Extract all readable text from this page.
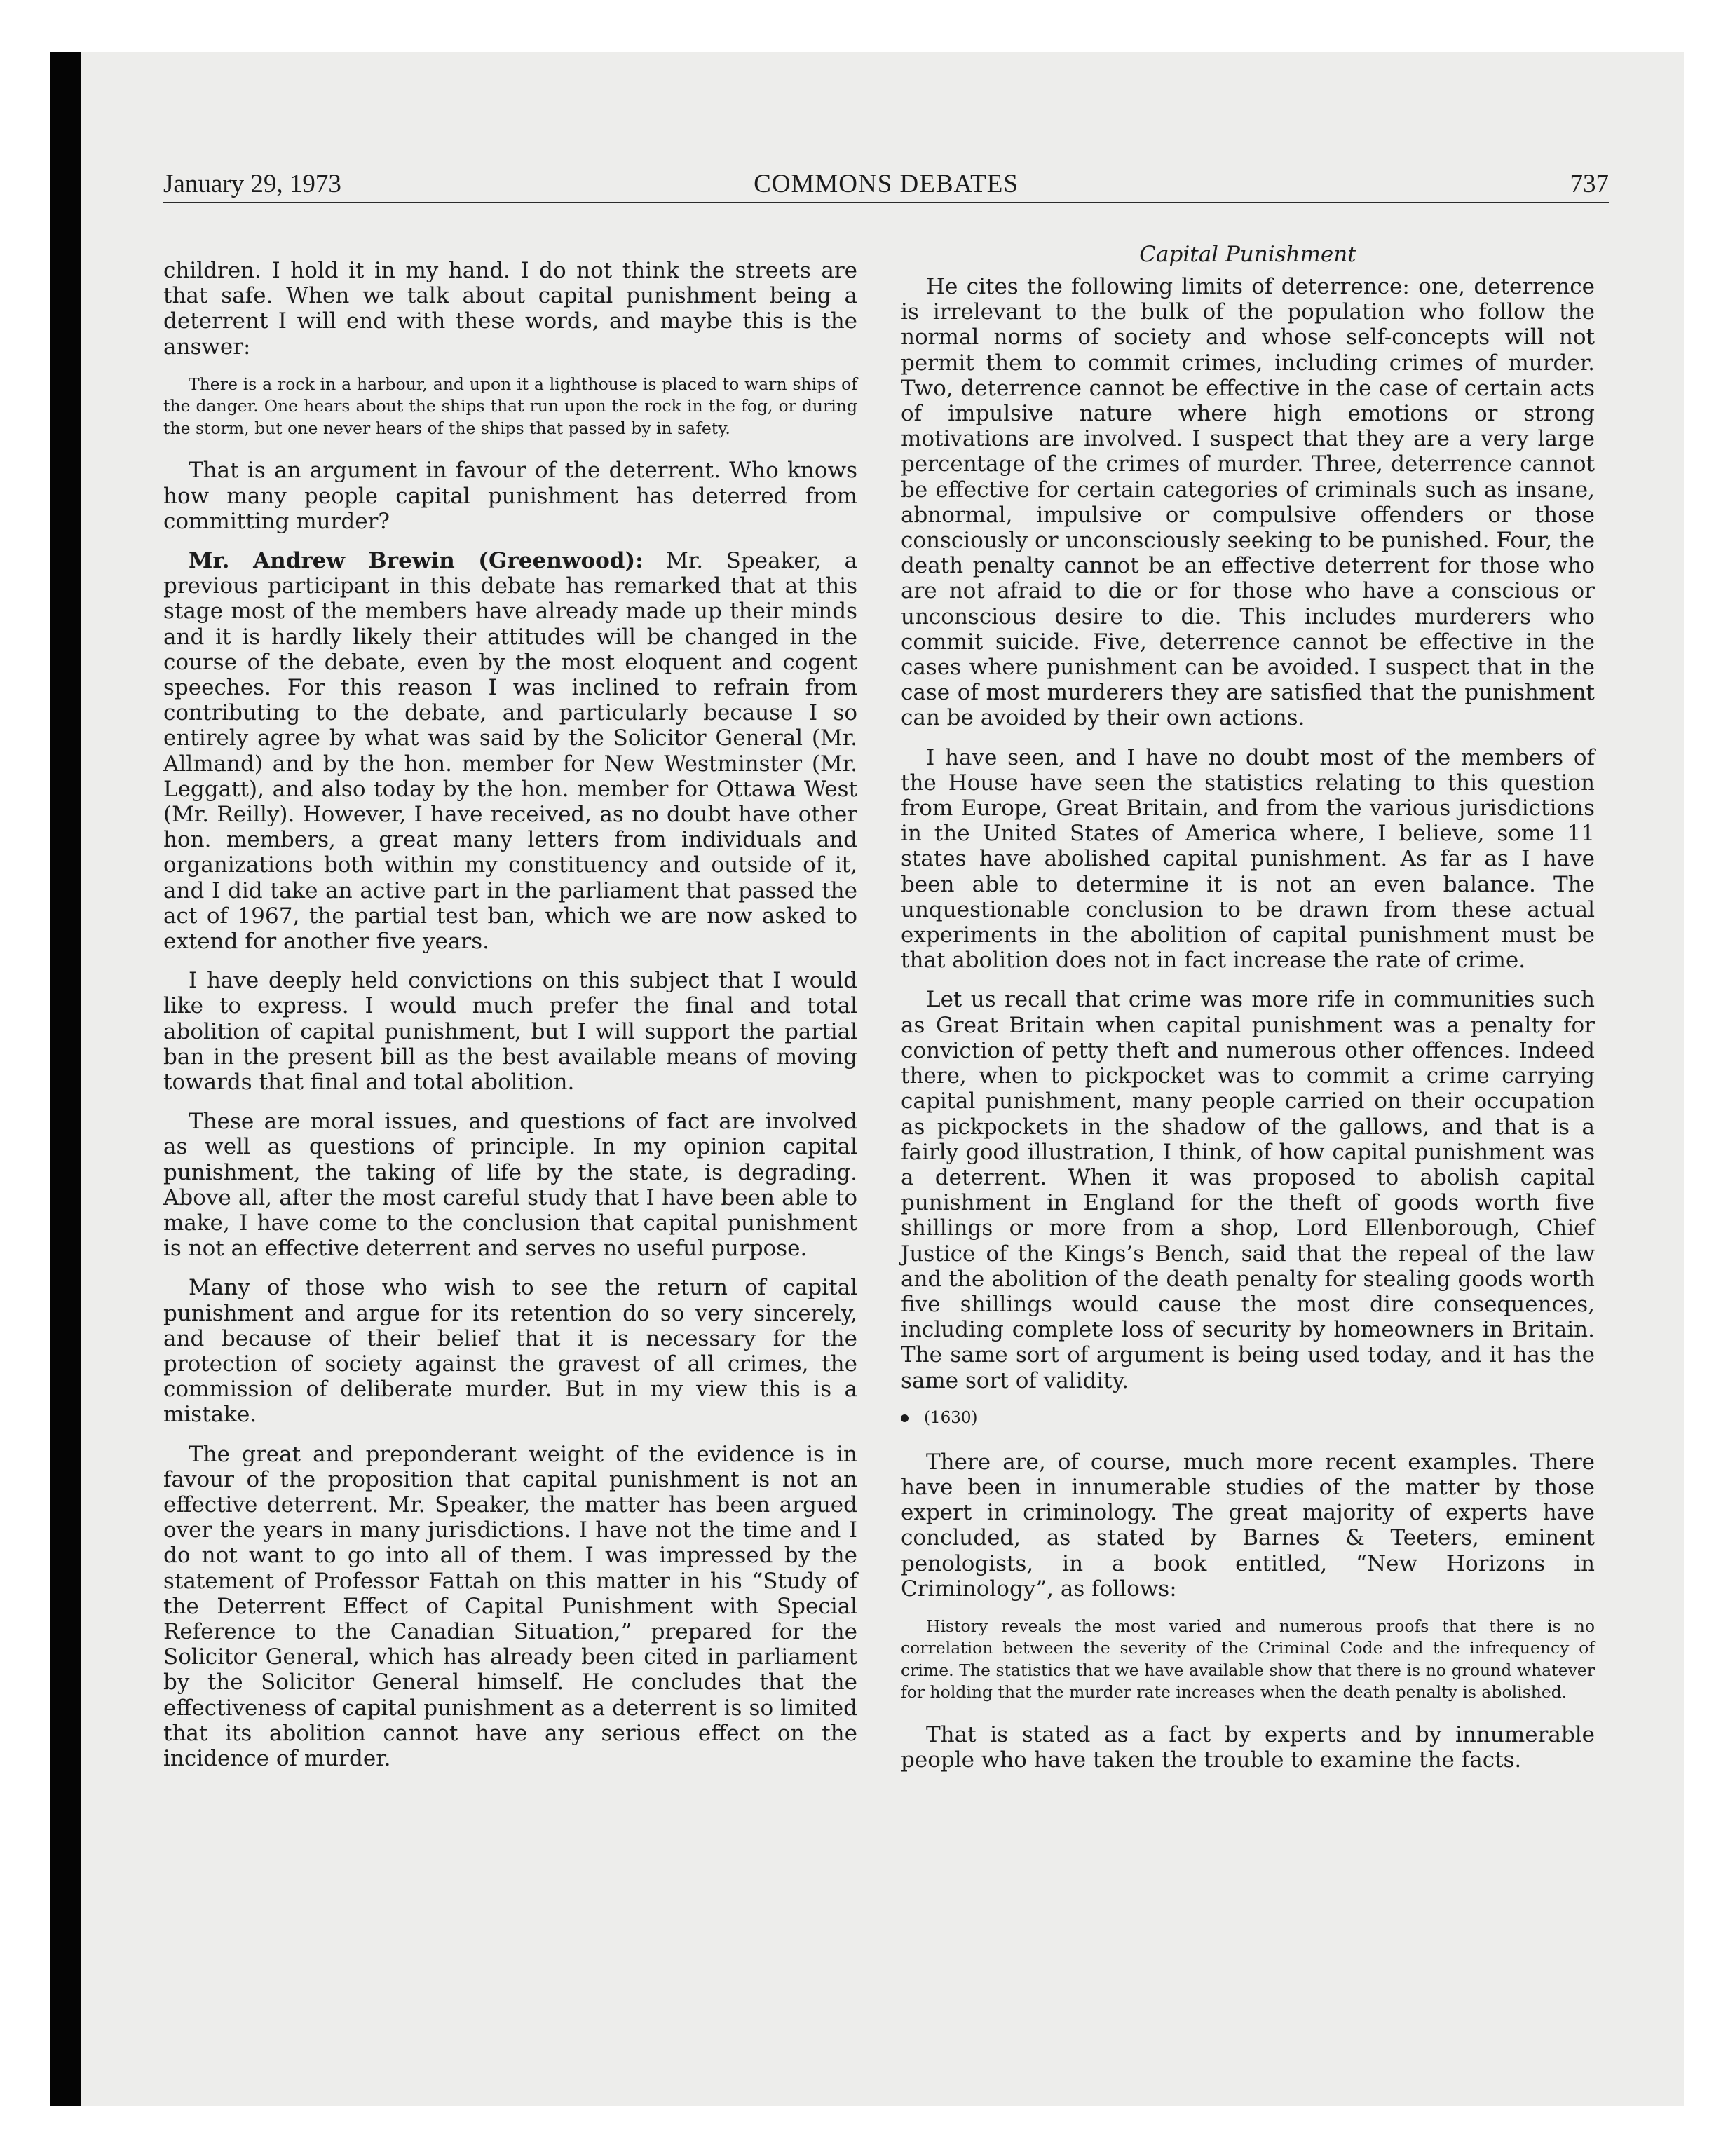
January 29, 1973	COMMONS DEBATES	737

children. I hold it in my hand. I do not think the streets are that safe. When we talk about capital punishment being a deterrent I will end with these words, and maybe this is the answer:

There is a rock in a harbour, and upon it a lighthouse is placed to warn ships of the danger. One hears about the ships that run upon the rock in the fog, or during the storm, but one never hears of the ships that passed by in safety.

That is an argument in favour of the deterrent. Who knows how many people capital punishment has deterred from committing murder?

Mr. Andrew Brewin (Greenwood): Mr. Speaker, a previous participant in this debate has remarked that at this stage most of the members have already made up their minds and it is hardly likely their attitudes will be changed in the course of the debate, even by the most eloquent and cogent speeches. For this reason I was inclined to refrain from contributing to the debate, and particularly because I so entirely agree by what was said by the Solicitor General (Mr. Allmand) and by the hon. member for New Westminster (Mr. Leggatt), and also today by the hon. member for Ottawa West (Mr. Reilly). However, I have received, as no doubt have other hon. members, a great many letters from individuals and organizations both within my constituency and outside of it, and I did take an active part in the parliament that passed the act of 1967, the partial test ban, which we are now asked to extend for another five years.

I have deeply held convictions on this subject that I would like to express. I would much prefer the final and total abolition of capital punishment, but I will support the partial ban in the present bill as the best available means of moving towards that final and total abolition.

These are moral issues, and questions of fact are involved as well as questions of principle. In my opinion capital punishment, the taking of life by the state, is degrading. Above all, after the most careful study that I have been able to make, I have come to the conclusion that capital punishment is not an effective deterrent and serves no useful purpose.

Many of those who wish to see the return of capital punishment and argue for its retention do so very sincerely, and because of their belief that it is necessary for the protection of society against the gravest of all crimes, the commission of deliberate murder. But in my view this is a mistake.

The great and preponderant weight of the evidence is in favour of the proposition that capital punishment is not an effective deterrent. Mr. Speaker, the matter has been argued over the years in many jurisdictions. I have not the time and I do not want to go into all of them. I was impressed by the statement of Professor Fattah on this matter in his “Study of the Deterrent Effect of Capital Punishment with Special Reference to the Canadian Situation,” prepared for the Solicitor General, which has already been cited in parliament by the Solicitor General himself. He concludes that the effectiveness of capital punishment as a deterrent is so limited that its abolition cannot have any serious effect on the incidence of murder.

Capital Punishment

He cites the following limits of deterrence: one, deterrence is irrelevant to the bulk of the population who follow the normal norms of society and whose self-concepts will not permit them to commit crimes, including crimes of murder. Two, deterrence cannot be effective in the case of certain acts of impulsive nature where high emotions or strong motivations are involved. I suspect that they are a very large percentage of the crimes of murder. Three, deterrence cannot be effective for certain categories of criminals such as insane, abnormal, impulsive or compulsive offenders or those consciously or unconsciously seeking to be punished. Four, the death penalty cannot be an effective deterrent for those who are not afraid to die or for those who have a conscious or unconscious desire to die. This includes murderers who commit suicide. Five, deterrence cannot be effective in the cases where punishment can be avoided. I suspect that in the case of most murderers they are satisfied that the punishment can be avoided by their own actions.

I have seen, and I have no doubt most of the members of the House have seen the statistics relating to this question from Europe, Great Britain, and from the various jurisdictions in the United States of America where, I believe, some 11 states have abolished capital punishment. As far as I have been able to determine it is not an even balance. The unquestionable conclusion to be drawn from these actual experiments in the abolition of capital punishment must be that abolition does not in fact increase the rate of crime.

Let us recall that crime was more rife in communities such as Great Britain when capital punishment was a penalty for conviction of petty theft and numerous other offences. Indeed there, when to pickpocket was to commit a crime carrying capital punishment, many people carried on their occupation as pickpockets in the shadow of the gallows, and that is a fairly good illustration, I think, of how capital punishment was a deterrent. When it was proposed to abolish capital punishment in England for the theft of goods worth five shillings or more from a shop, Lord Ellenborough, Chief Justice of the Kings’s Bench, said that the repeal of the law and the abolition of the death penalty for stealing goods worth five shillings would cause the most dire consequences, including complete loss of security by homeowners in Britain. The same sort of argument is being used today, and it has the same sort of validity.

(1630)

There are, of course, much more recent examples. There have been in innumerable studies of the matter by those expert in criminology. The great majority of experts have concluded, as stated by Barnes & Teeters, eminent penologists, in a book entitled, “New Horizons in Criminology”, as follows:

History reveals the most varied and numerous proofs that there is no correlation between the severity of the Criminal Code and the infrequency of crime. The statistics that we have available show that there is no ground whatever for holding that the murder rate increases when the death penalty is abolished.

That is stated as a fact by experts and by innumerable people who have taken the trouble to examine the facts.
